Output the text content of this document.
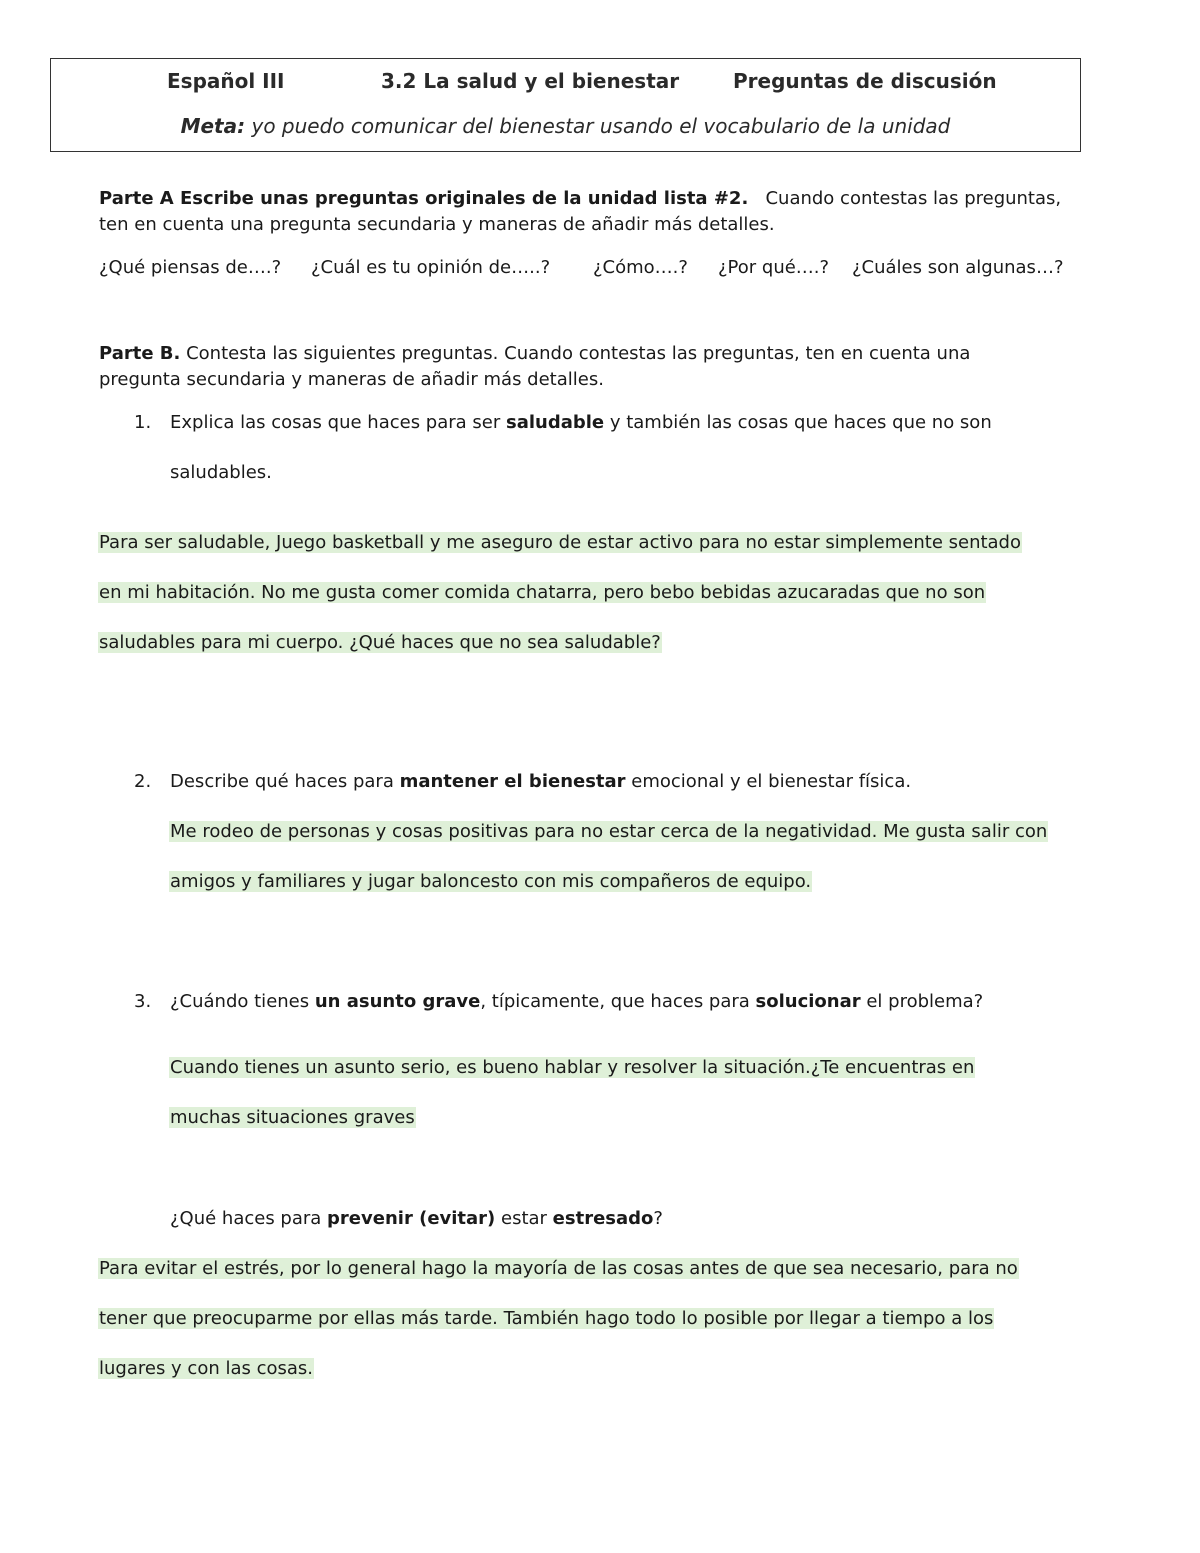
Español III	3.2 La salud y el bienestar	Preguntas de discusión
Meta: yo puedo comunicar del bienestar usando el vocabulario de la unidad
Parte A Escribe unas preguntas originales de la unidad lista #2. Cuando contestas las preguntas,
ten en cuenta una pregunta secundaria y maneras de añadir más detalles.
¿Qué piensas de….? ¿Cuál es tu opinión de…..? ¿Cómo….? ¿Por qué….? ¿Cuáles son algunas…?
Parte B. Contesta las siguientes preguntas. Cuando contestas las preguntas, ten en cuenta una
pregunta secundaria y maneras de añadir más detalles.
1. Explica las cosas que haces para ser saludable y también las cosas que haces que no son
saludables.
Para ser saludable, Juego basketball y me aseguro de estar activo para no estar simplemente sentado
en mi habitación. No me gusta comer comida chatarra, pero bebo bebidas azucaradas que no son
saludables para mi cuerpo. ¿Qué haces que no sea saludable?
2. Describe qué haces para mantener el bienestar emocional y el bienestar física.
Me rodeo de personas y cosas positivas para no estar cerca de la negatividad. Me gusta salir con
amigos y familiares y jugar baloncesto con mis compañeros de equipo.
3. ¿Cuándo tienes un asunto grave, típicamente, que haces para solucionar el problema?
Cuando tienes un asunto serio, es bueno hablar y resolver la situación.¿Te encuentras en
muchas situaciones graves
¿Qué haces para prevenir (evitar) estar estresado?
Para evitar el estrés, por lo general hago la mayoría de las cosas antes de que sea necesario, para no
tener que preocuparme por ellas más tarde. También hago todo lo posible por llegar a tiempo a los
lugares y con las cosas.
